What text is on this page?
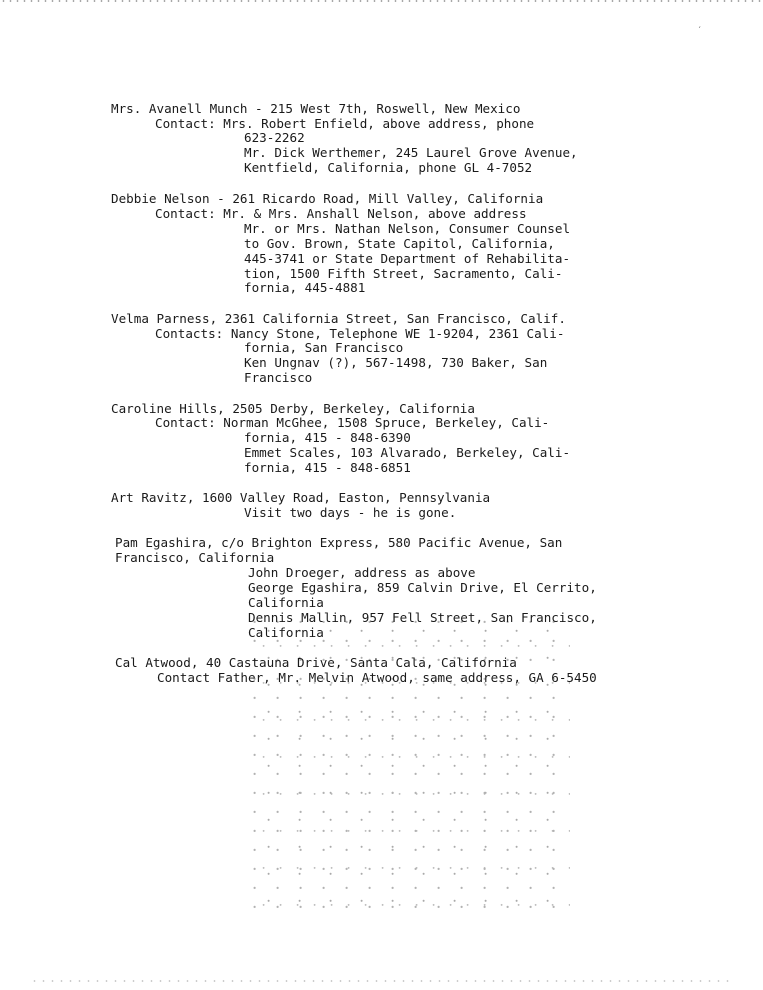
′
Mrs. Avanell Munch - 215 West 7th, Roswell, New Mexico
Contact: Mrs. Robert Enfield, above address, phone
623-2262
Mr. Dick Werthemer, 245 Laurel Grove Avenue,
Kentfield, California, phone GL 4-7052
Debbie Nelson - 261 Ricardo Road, Mill Valley, California
Contact: Mr. & Mrs. Anshall Nelson, above address
Mr. or Mrs. Nathan Nelson, Consumer Counsel
to Gov. Brown, State Capitol, California,
445-3741 or State Department of Rehabilita-
tion, 1500 Fifth Street, Sacramento, Cali-
fornia, 445-4881
Velma Parness, 2361 California Street, San Francisco, Calif.
Contacts: Nancy Stone, Telephone WE 1-9204, 2361 Cali-
fornia, San Francisco
Ken Ungnav (?), 567-1498, 730 Baker, San
Francisco
Caroline Hills, 2505 Derby, Berkeley, California
Contact: Norman McGhee, 1508 Spruce, Berkeley, Cali-
fornia, 415 - 848-6390
Emmet Scales, 103 Alvarado, Berkeley, Cali-
fornia, 415 - 848-6851
Art Ravitz, 1600 Valley Road, Easton, Pennsylvania
Visit two days - he is gone.
Pam Egashira, c/o Brighton Express, 580 Pacific Avenue, San
Francisco, California
John Droeger, address as above
George Egashira, 859 Calvin Drive, El Cerrito,
California
Dennis Mallin, 957 Fell Street, San Francisco,
California
Cal Atwood, 40 Castauna Drive, Santa Cala, California
Contact Father, Mr. Melvin Atwood, same address, GA 6-5450
